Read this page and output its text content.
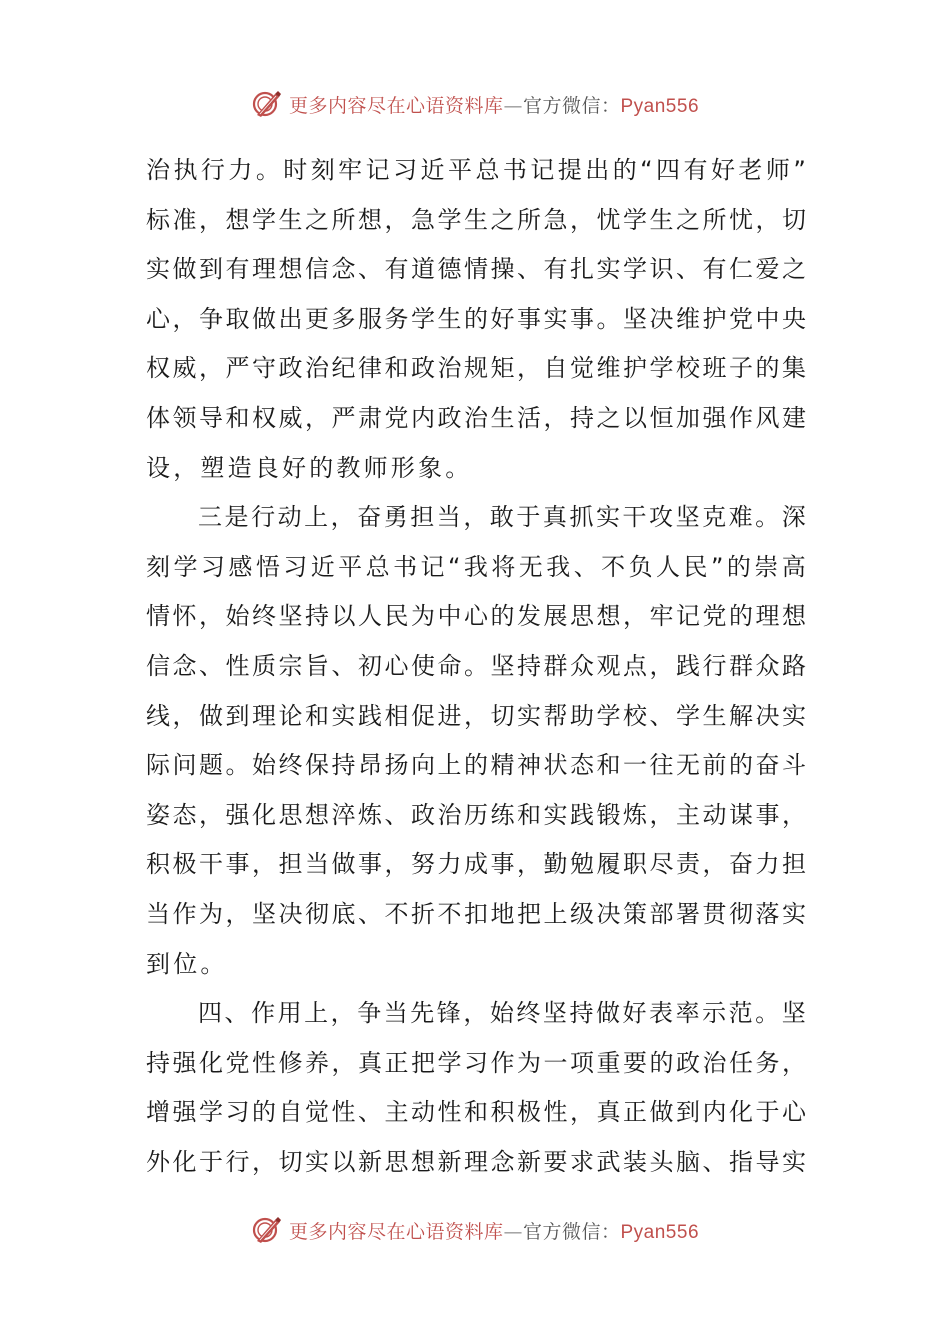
更多内容尽在心语资料库—官方微信：Pyan556
治 执 行 力 。 时 刻 牢 记 习 近 平 总 书 记 提 出 的 “ 四 有 好 老 师 ”
标 准 ， 想 学 生 之 所 想 ， 急 学 生 之 所 急 ， 忧 学 生 之 所 忧 ， 切
实 做 到 有 理 想 信 念 、 有 道 德 情 操 、 有 扎 实 学 识 、 有 仁 爱 之
心 ， 争 取 做 出 更 多 服 务 学 生 的 好 事 实 事 。 坚 决 维 护 党 中 央
权 威 ， 严 守 政 治 纪 律 和 政 治 规 矩 ， 自 觉 维 护 学 校 班 子 的 集
体 领 导 和 权 威 ， 严 肃 党 内 政 治 生 活 ， 持 之 以 恒 加 强 作 风 建
设，塑造良好的教师形象。
三 是 行 动 上 ， 奋 勇 担 当 ， 敢 于 真 抓 实 干 攻 坚 克 难 。 深
刻 学 习 感 悟 习 近 平 总 书 记 “ 我 将 无 我 、 不 负 人 民 ” 的 崇 高
情 怀 ， 始 终 坚 持 以 人 民 为 中 心 的 发 展 思 想 ， 牢 记 党 的 理 想
信 念 、 性 质 宗 旨 、 初 心 使 命 。 坚 持 群 众 观 点 ， 践 行 群 众 路
线 ， 做 到 理 论 和 实 践 相 促 进 ， 切 实 帮 助 学 校 、 学 生 解 决 实
际 问 题 。 始 终 保 持 昂 扬 向 上 的 精 神 状 态 和 一 往 无 前 的 奋 斗
姿 态 ， 强 化 思 想 淬 炼 、 政 治 历 练 和 实 践 锻 炼 ， 主 动 谋 事 ，
积 极 干 事 ， 担 当 做 事 ， 努 力 成 事 ， 勤 勉 履 职 尽 责 ， 奋 力 担
当 作 为 ， 坚 决 彻 底 、 不 折 不 扣 地 把 上 级 决 策 部 署 贯 彻 落 实
到位。
四 、 作 用 上 ， 争 当 先 锋 ， 始 终 坚 持 做 好 表 率 示 范 。 坚
持 强 化 党 性 修 养 ， 真 正 把 学 习 作 为 一 项 重 要 的 政 治 任 务 ，
增 强 学 习 的 自 觉 性 、 主 动 性 和 积 极 性 ， 真 正 做 到 内 化 于 心
外 化 于 行 ， 切 实 以 新 思 想 新 理 念 新 要 求 武 装 头 脑 、 指 导 实
更多内容尽在心语资料库—官方微信：Pyan556
